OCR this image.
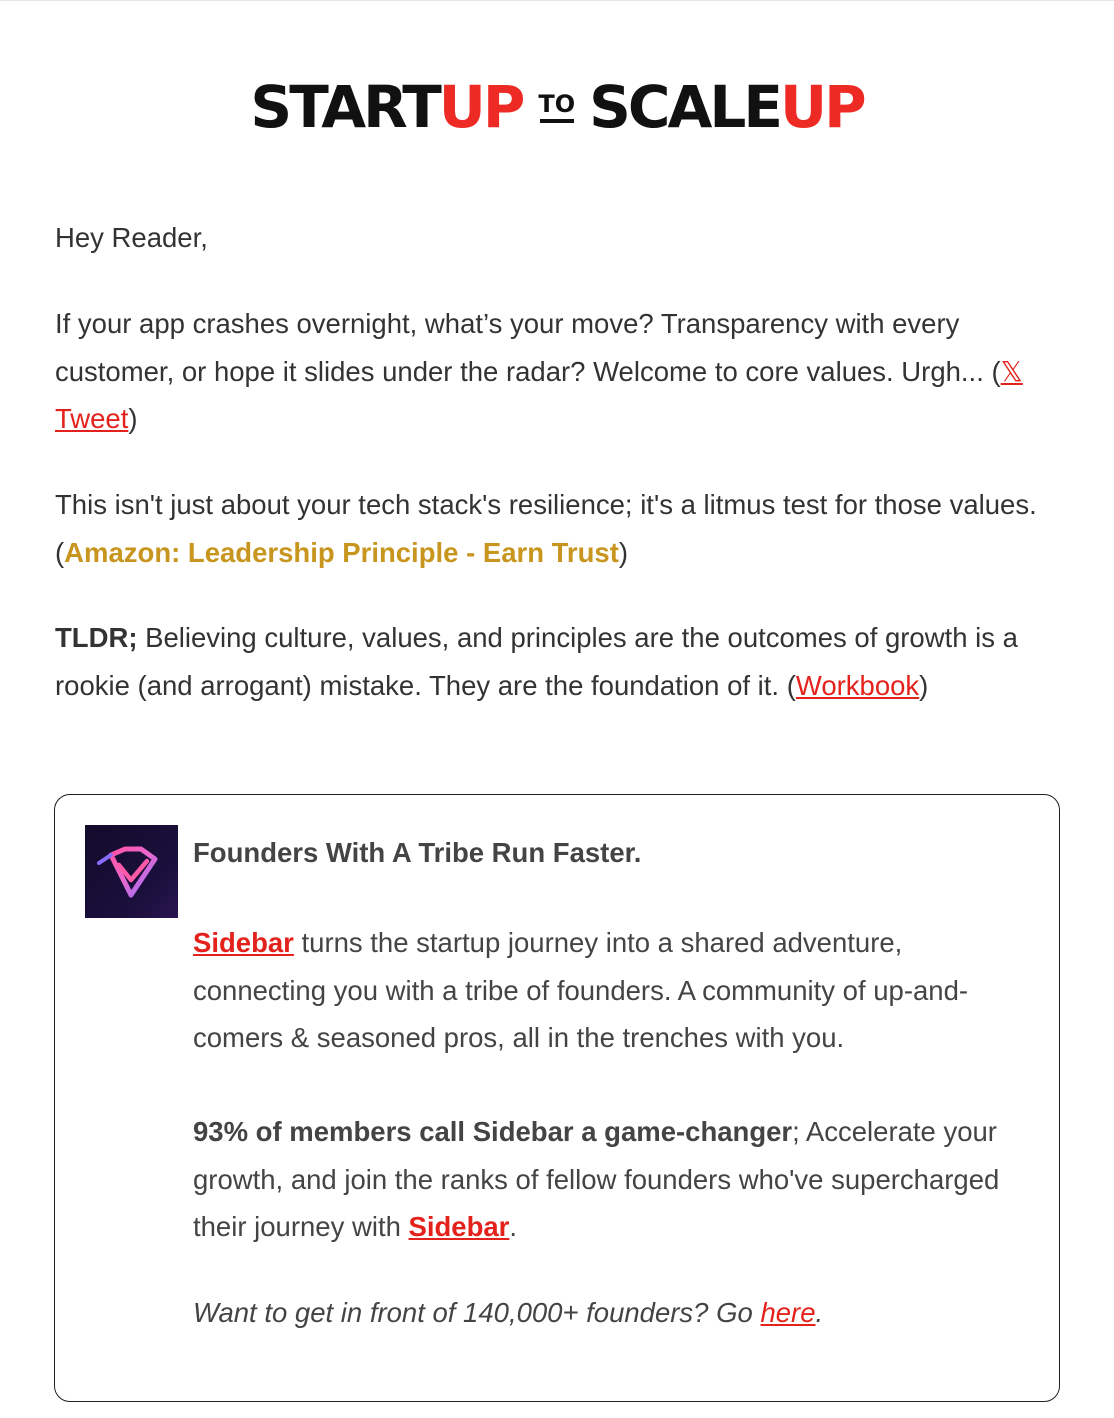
START UP TO SCALE UP

Hey Reader,

If your app crashes overnight, what’s your move? Transparency with every customer, or hope it slides under the radar? Welcome to core values. Urgh... (𝕏 Tweet)

This isn't just about your tech stack's resilience; it's a litmus test for those values. (Amazon: Leadership Principle - Earn Trust)

TLDR; Believing culture, values, and principles are the outcomes of growth is a rookie (and arrogant) mistake. They are the foundation of it. (Workbook)

Founders With A Tribe Run Faster.

Sidebar turns the startup journey into a shared adventure, connecting you with a tribe of founders. A community of up-and-comers & seasoned pros, all in the trenches with you.

93% of members call Sidebar a game-changer; Accelerate your growth, and join the ranks of fellow founders who've supercharged their journey with Sidebar.

Want to get in front of 140,000+ founders? Go here.
